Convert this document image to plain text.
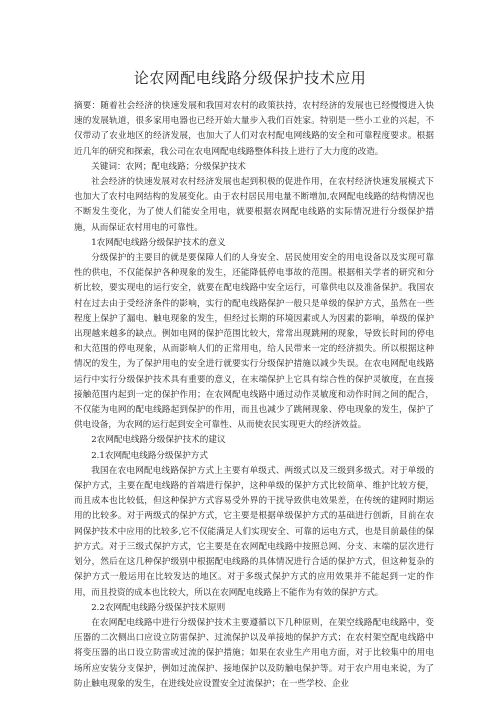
论农网配电线路分级保护技术应用

摘要：随着社会经济的快速发展和我国对农村的政策扶持，农村经济的发展也已经慢慢进入快速的发展轨道，很多家用电器也已经开始大量步入我们百姓家。特别是一些小工业的兴起，不仅带动了农业地区的经济发展，也加大了人们对农村配电网线路的安全和可靠程度要求。根据近几年的研究和探索，我公司在农电网配电线路整体科技上进行了大力度的改造。

关键词：农网；配电线路；分级保护技术

社会经济的快速发展对农村经济发展也起到积极的促进作用，在农村经济快速发展模式下也加大了农村电网结构的发展变化。由于农村居民用电量不断增加,农网配电线路的结构情况也不断发生变化，为了使人们能安全用电，就要根据农网配电线路的实际情况进行分级保护措施，从而保证农村用电的可靠性。

1农网配电线路分级保护技术的意义

分级保护的主要目的就是要保障人们的人身安全、居民使用安全的用电设备以及实现可靠性的供电，不仅能保护各种现象的发生，还能降低停电事故的范围。根据相关学者的研究和分析比较，要实现电的运行安全，就要在配电线路中安全运行，可靠供电以及准备保护。我国农村在过去由于受经济条件的影响，实行的配电线路保护一般只是单级的保护方式，虽然在一些程度上保护了漏电、触电现象的发生，但经过长期的环境因素或人为因素的影响，单级的保护出现越来越多的缺点。例如电网的保护范围比较大，常常出现跳闸的现象，导致长时间的停电和大范围的停电现象，从而影响人们的正常用电，给人民带来一定的经济损失。所以根据这种情况的发生，为了保护用电的安全进行就要实行分级保护措施以减少失误。在农电网配电线路运行中实行分级保护技术具有重要的意义，在末端保护上它具有综合性的保护灵敏度，在直接接触范围内起到一定的保护作用；在农网配电线路中通过动作灵敏度和动作时间之间的配合，不仅能为电网的配电线路起到保护的作用，而且也减少了跳闸现象、停电现象的发生，保护了供电设备，为农网的运行起到安全可靠性、从而使农民实现更大的经济效益。

2农网配电线路分级保护技术的建议

2.1农网配电线路分级保护方式

我国在农电网配电线路保护方式上主要有单级式、两级式以及三级到多级式。对于单级的保护方式，主要在配电线路的首端进行保护，这种单级的保护方式比较简单、维护比较方便，而且成本也比较低，但这种保护方式容易受外界的干扰导致供电效果差，在传统的建网时期运用的比较多。对于两级式的保护方式，它主要是根据单级保护方式的基础进行创新，目前在农网保护技术中应用的比较多,它不仅能满足人们实现安全、可靠的运电方式，也是目前最佳的保护方式。对于三级式保护方式，它主要是在农网配电线路中按照总网、分支、末端的层次进行划分，然后在这几种保护级别中根据配电线路的具体情况进行合适的保护方式，但这种复杂的保护方式一般运用在比较发达的地区。对于多级式保护方式的应用效果并不能起到一定的作用，而且投资的成本也比较大，所以在农网配电线路上不能作为有效的保护方式。

2.2农网配电线路分级保护技术原则

在农网配电线路中进行分级保护技术主要遵循以下几种原则，在架空线路配电线路中，变压器的二次侧出口应设立防雷保护、过流保护以及单接地的保护方式；在农村架空配电线路中将变压器的出口设立防雷或过流的保护措施；如果在农业生产用电方面，对于比较集中的用电场所应安装分支保护，例如过流保护、接地保护以及防触电保护等。对于农户用电来说，为了防止触电现象的发生，在进线处应设置安全过流保护；在一些学校、企业
